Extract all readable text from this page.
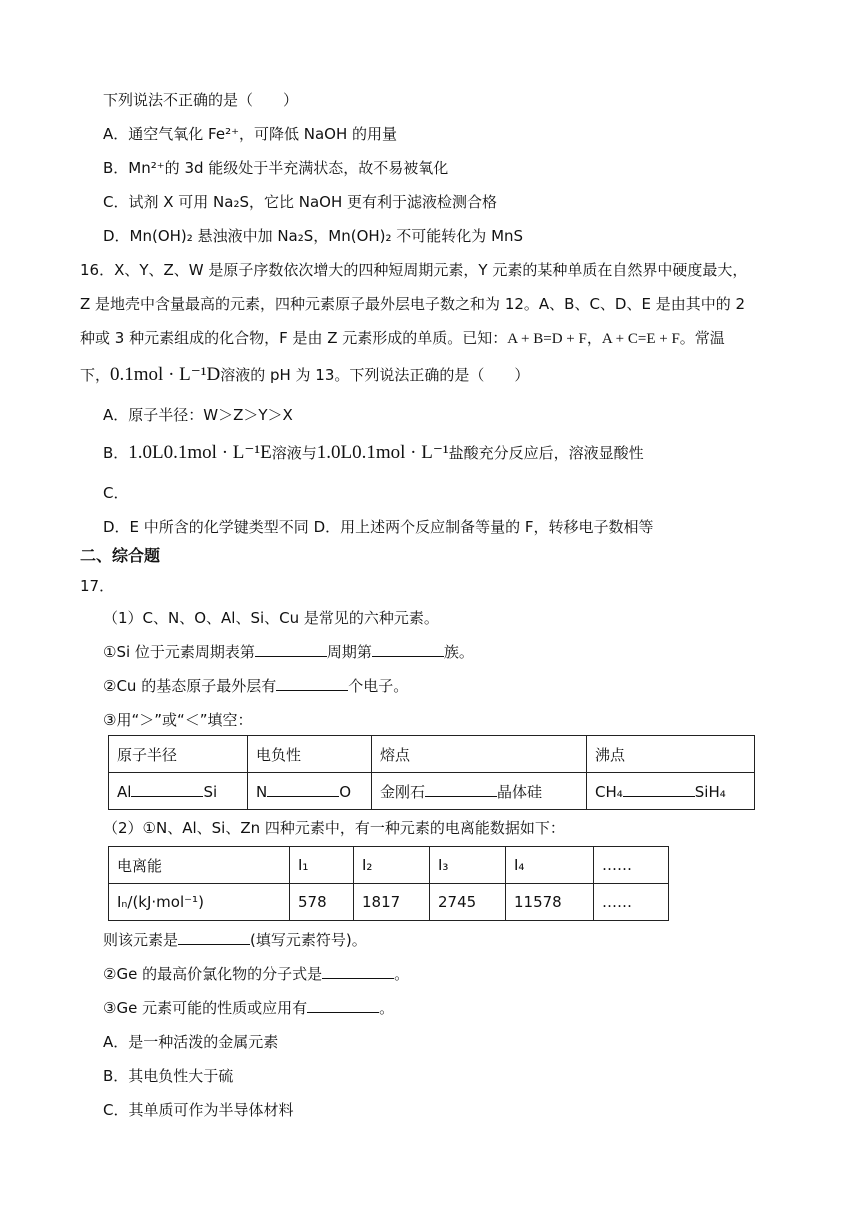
下列说法不正确的是（　　）
A．通空气氧化 Fe²⁺，可降低 NaOH 的用量
B．Mn²⁺的 3d 能级处于半充满状态，故不易被氧化
C．试剂 X 可用 Na₂S，它比 NaOH 更有利于滤液检测合格
D．Mn(OH)₂ 悬浊液中加 Na₂S，Mn(OH)₂ 不可能转化为 MnS
16．X、Y、Z、W 是原子序数依次增大的四种短周期元素，Y 元素的某种单质在自然界中硬度最大，
Z 是地壳中含量最高的元素，四种元素原子最外层电子数之和为 12。A、B、C、D、E 是由其中的 2
种或 3 种元素组成的化合物，F 是由 Z 元素形成的单质。已知：A + B=D + F，A + C=E + F。常温
下，0.1mol · L⁻¹D溶液的 pH 为 13。下列说法正确的是（　　）
A．原子半径：W＞Z＞Y＞X
B．1.0L0.1mol · L⁻¹E溶液与1.0L0.1mol · L⁻¹盐酸充分反应后，溶液显酸性
C．
D．E 中所含的化学键类型不同 D．用上述两个反应制备等量的 F，转移电子数相等
二、综合题
17．
（1）C、N、O、Al、Si、Cu 是常见的六种元素。
①Si 位于元素周期表第	周期第	族。
②Cu 的基态原子最外层有	个电子。
③用“＞”或“＜”填空：
原子半径	电负性	熔点	沸点
Al Si	N O	金刚石 晶体硅	CH₄ SiH₄
（2）①N、Al、Si、Zn 四种元素中，有一种元素的电离能数据如下：
电离能	I₁	I₂	I₃	I₄	……
Iₙ/(kJ·mol⁻¹)	578	1817	2745	11578	……
则该元素是	(填写元素符号)。
②Ge 的最高价氯化物的分子式是	。
③Ge 元素可能的性质或应用有	。
A．是一种活泼的金属元素
B．其电负性大于硫
C．其单质可作为半导体材料
